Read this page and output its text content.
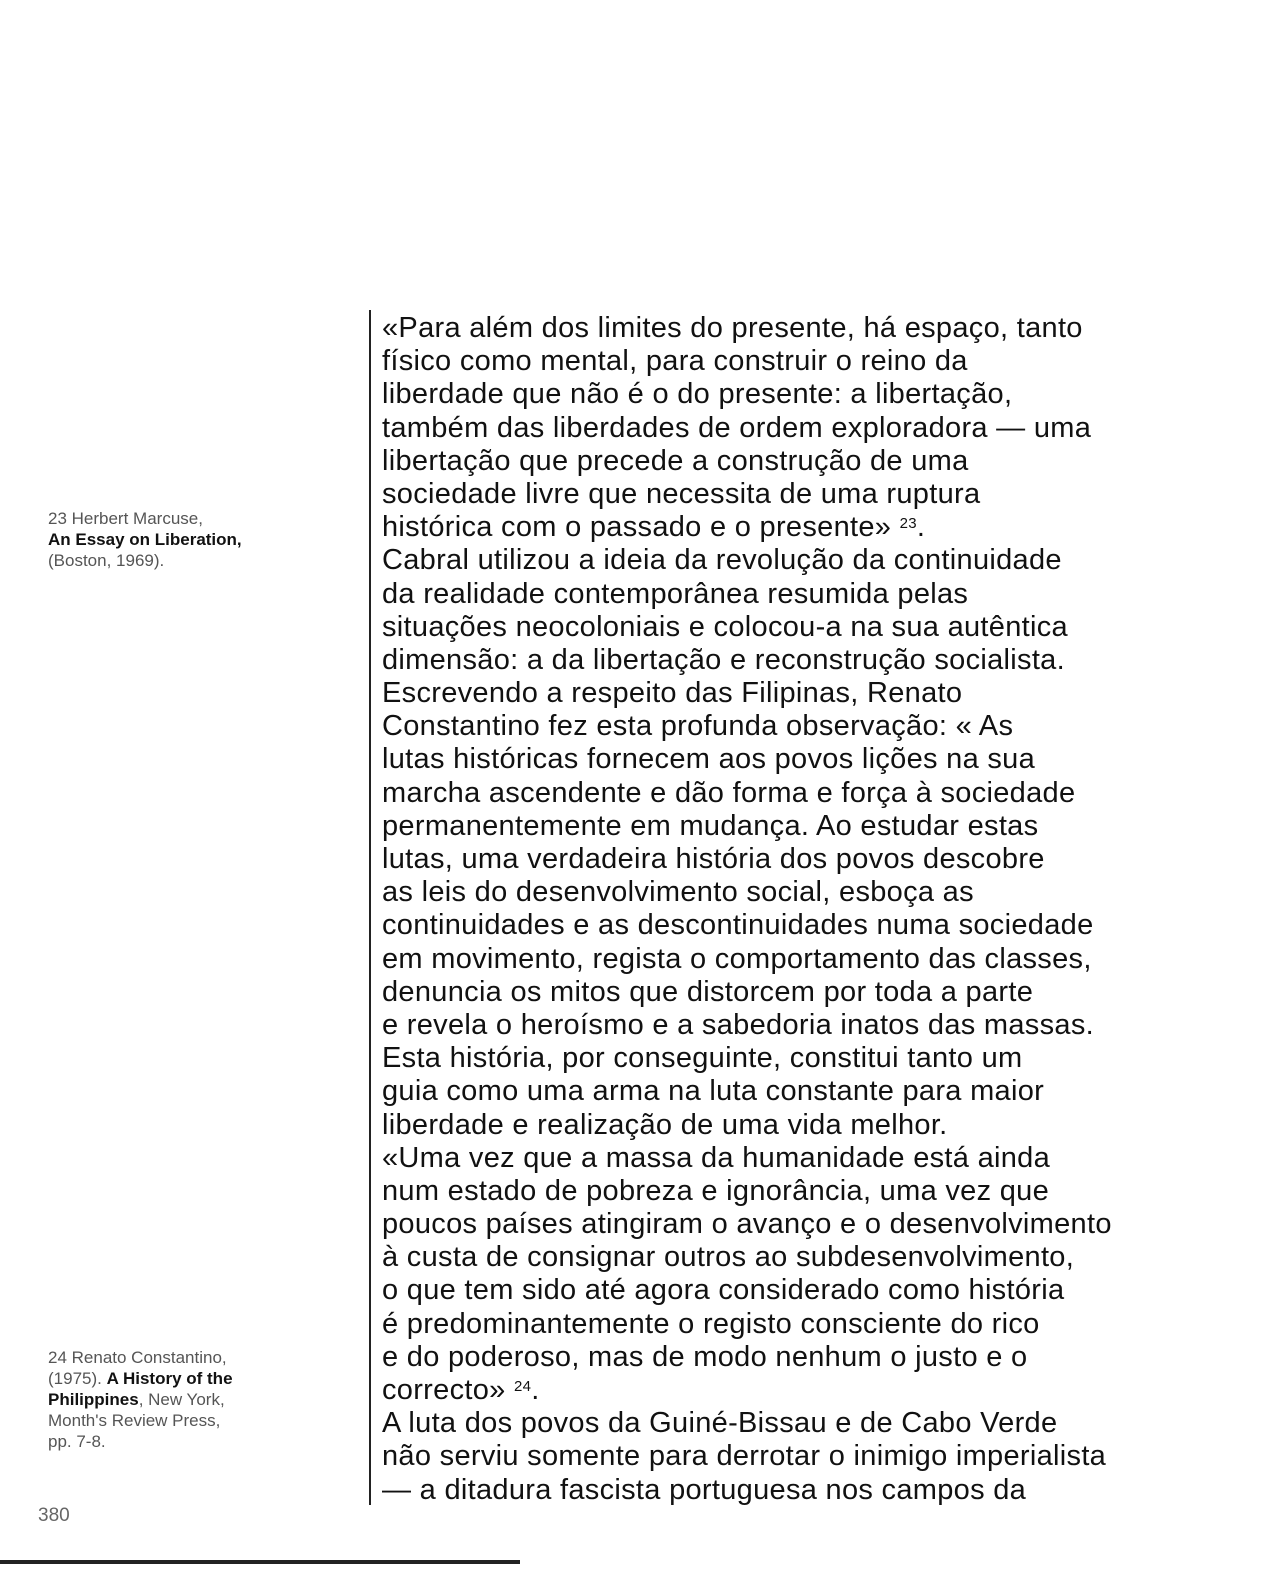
23 Herbert Marcuse,
An Essay on Liberation,
(Boston, 1969).
24 Renato Constantino,
(1975). A History of the
Philippines, New York,
Month's Review Press,
pp. 7-8.
«Para além dos limites do presente, há espaço, tanto
físico como mental, para construir o reino da
liberdade que não é o do presente: a libertação,
também das liberdades de ordem exploradora — uma
libertação que precede a construção de uma
sociedade livre que necessita de uma ruptura
histórica com o passado e o presente» $^{23}$.
Cabral utilizou a ideia da revolução da continuidade
da realidade contemporânea resumida pelas
situações neocoloniais e colocou-a na sua autêntica
dimensão: a da libertação e reconstrução socialista.
Escrevendo a respeito das Filipinas, Renato
Constantino fez esta profunda observação: « As
lutas históricas fornecem aos povos lições na sua
marcha ascendente e dão forma e força à sociedade
permanentemente em mudança. Ao estudar estas
lutas, uma verdadeira história dos povos descobre
as leis do desenvolvimento social, esboça as
continuidades e as descontinuidades numa sociedade
em movimento, regista o comportamento das classes,
denuncia os mitos que distorcem por toda a parte
e revela o heroísmo e a sabedoria inatos das massas.
Esta história, por conseguinte, constitui tanto um
guia como uma arma na luta constante para maior
liberdade e realização de uma vida melhor.
«Uma vez que a massa da humanidade está ainda
num estado de pobreza e ignorância, uma vez que
poucos países atingiram o avanço e o desenvolvimento
à custa de consignar outros ao subdesenvolvimento,
o que tem sido até agora considerado como história
é predominantemente o registo consciente do rico
e do poderoso, mas de modo nenhum o justo e o
correcto» $^{24}$.
A luta dos povos da Guiné-Bissau e de Cabo Verde
não serviu somente para derrotar o inimigo imperialista
— a ditadura fascista portuguesa nos campos da
380
